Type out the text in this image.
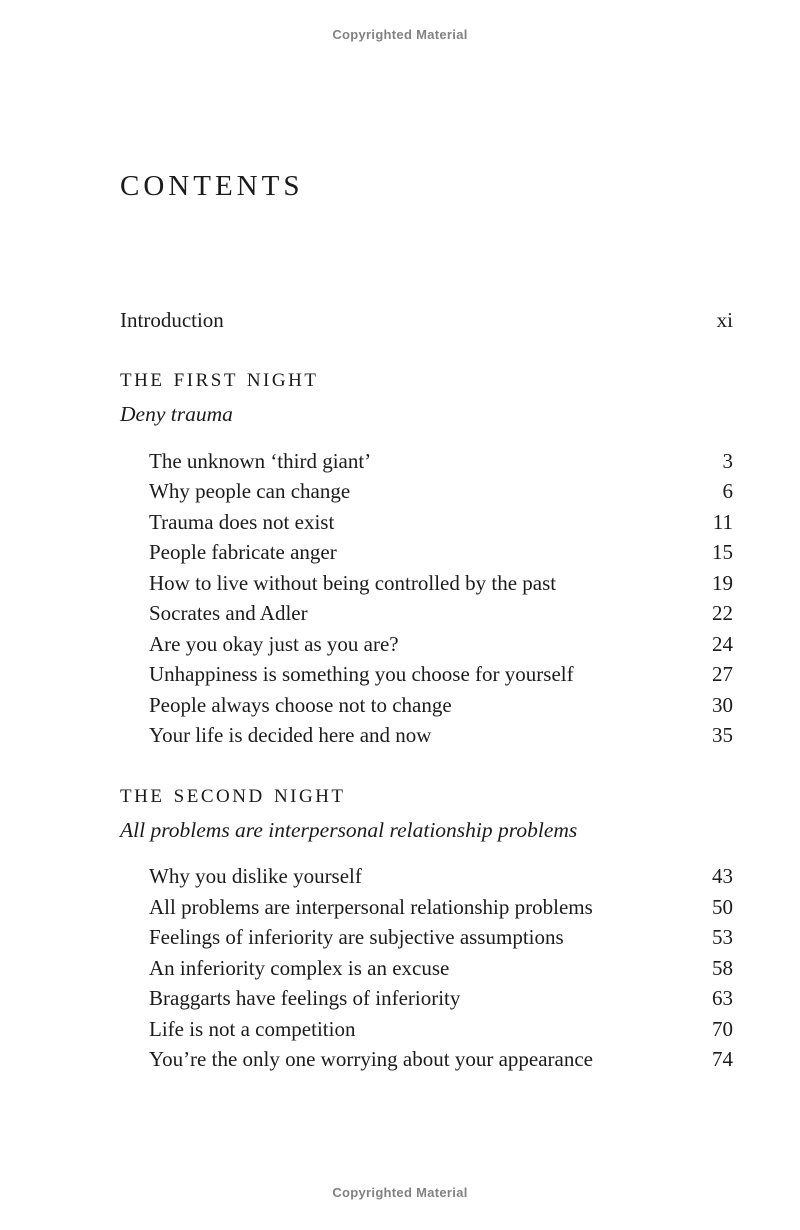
Copyrighted Material
CONTENTS
Introduction	xi
THE FIRST NIGHT
Deny trauma
The unknown ‘third giant’	3
Why people can change	6
Trauma does not exist	11
People fabricate anger	15
How to live without being controlled by the past	19
Socrates and Adler	22
Are you okay just as you are?	24
Unhappiness is something you choose for yourself	27
People always choose not to change	30
Your life is decided here and now	35
THE SECOND NIGHT
All problems are interpersonal relationship problems
Why you dislike yourself	43
All problems are interpersonal relationship problems	50
Feelings of inferiority are subjective assumptions	53
An inferiority complex is an excuse	58
Braggarts have feelings of inferiority	63
Life is not a competition	70
You’re the only one worrying about your appearance	74
Copyrighted Material
